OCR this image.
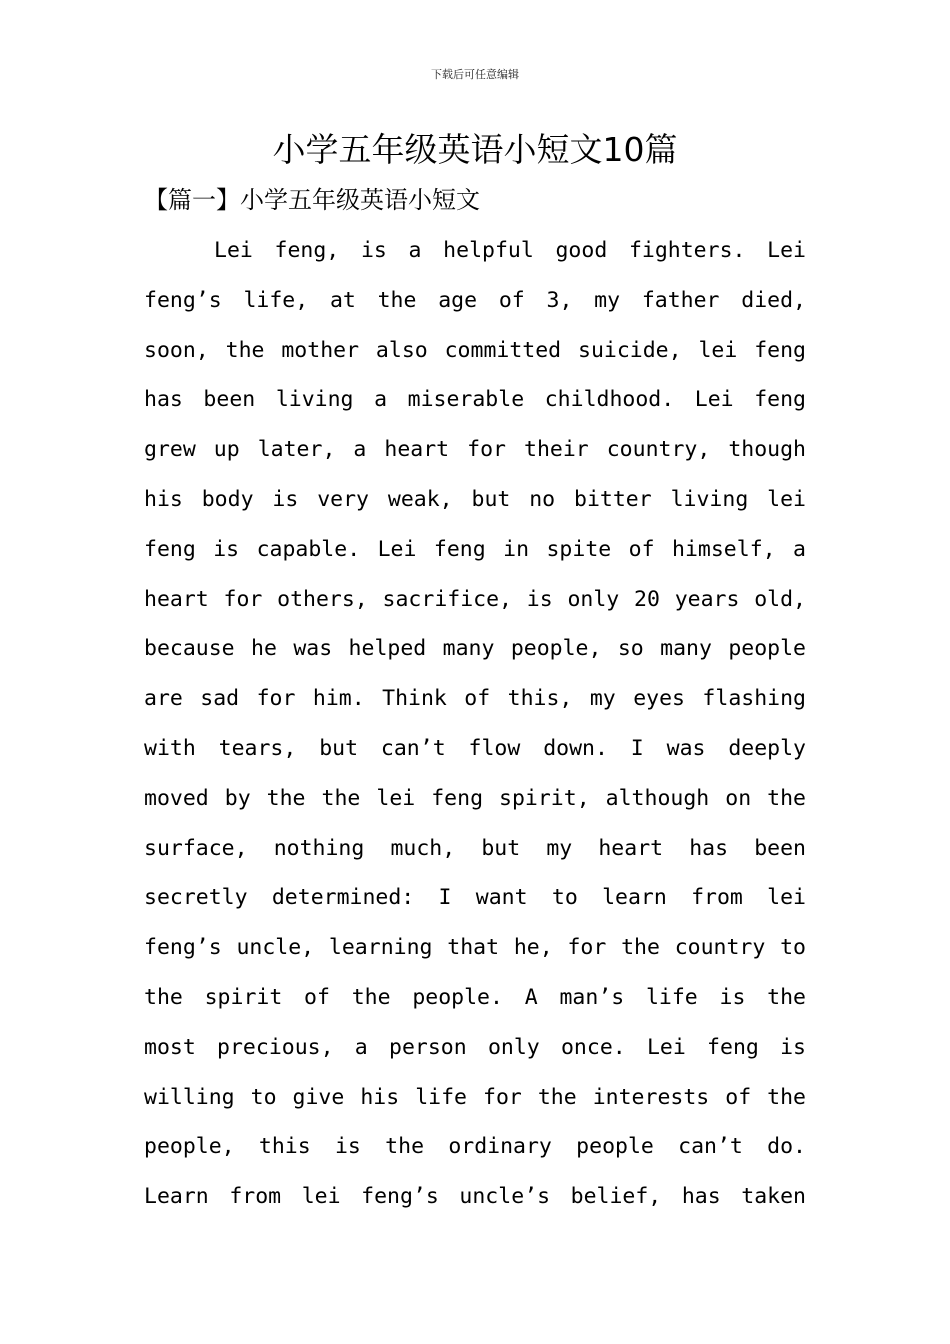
下载后可任意编辑
小学五年级英语小短文10篇
【篇一】小学五年级英语小短文
Lei feng, is a helpful good fighters. Lei
feng’s life, at the age of 3, my father died,
soon, the mother also committed suicide, lei feng
has been living a miserable childhood. Lei feng
grew up later, a heart for their country, though
his body is very weak, but no bitter living lei
feng is capable. Lei feng in spite of himself, a
heart for others, sacrifice, is only 20 years old,
because he was helped many people, so many people
are sad for him. Think of this, my eyes flashing
with tears, but can’t flow down. I was deeply
moved by the the lei feng spirit, although on the
surface, nothing much, but my heart has been
secretly determined: I want to learn from lei
feng’s uncle, learning that he, for the country to
the spirit of the people. A man’s life is the
most precious, a person only once. Lei feng is
willing to give his life for the interests of the
people, this is the ordinary people can’t do.
Learn from lei feng’s uncle’s belief, has taken
